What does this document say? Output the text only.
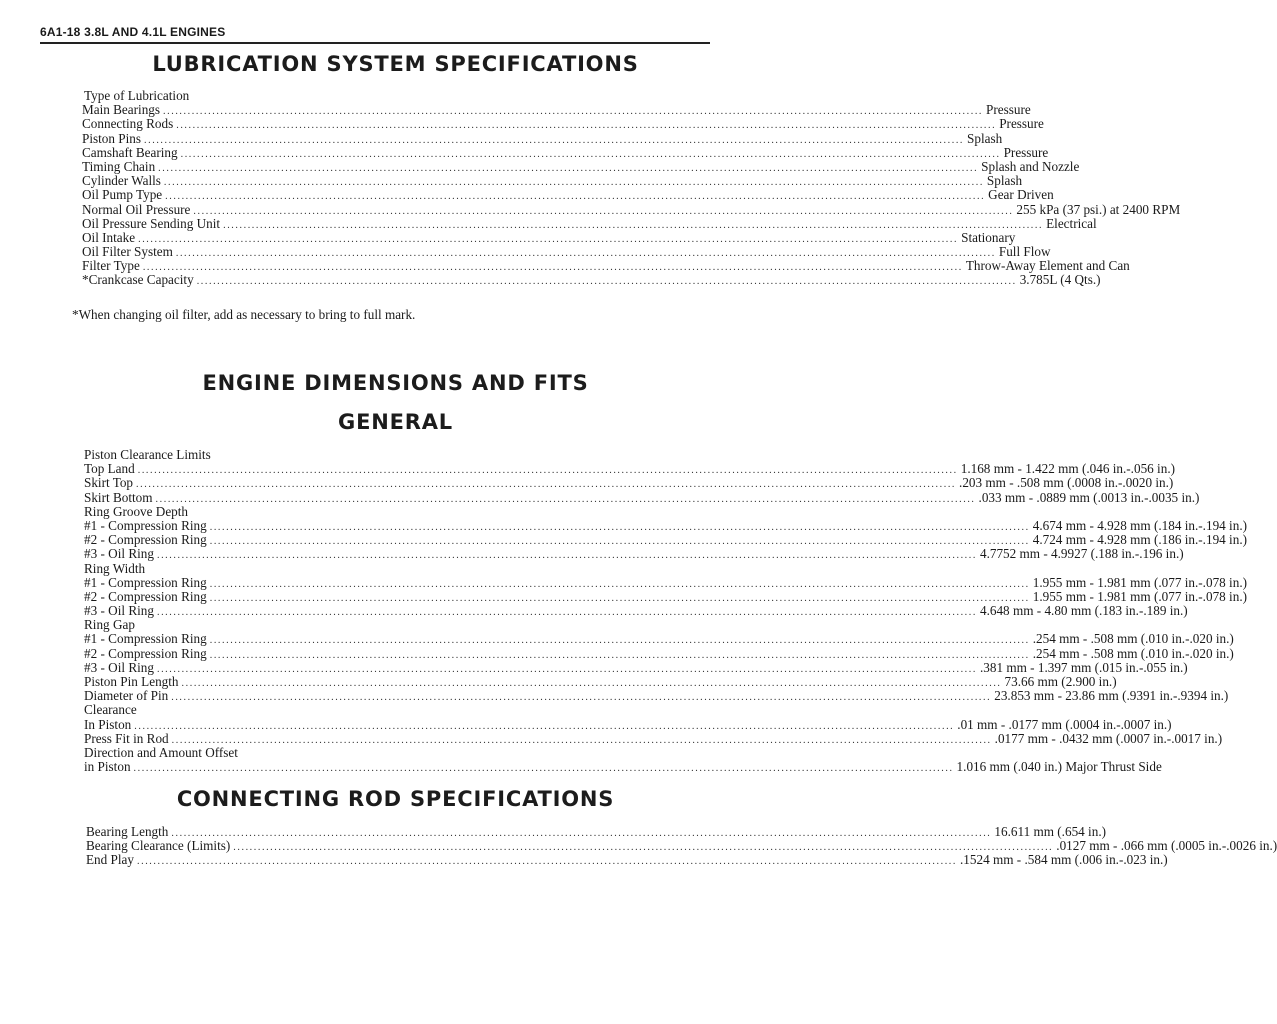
6A1-18 3.8L AND 4.1L ENGINES
LUBRICATION SYSTEM SPECIFICATIONS
Type of Lubrication
Main Bearings ........................................................................................................................................................................................................ Pressure
Connecting Rods ........................................................................................................................................................................................................ Pressure
Piston Pins ........................................................................................................................................................................................................ Splash
Camshaft Bearing ........................................................................................................................................................................................................ Pressure
Timing Chain ........................................................................................................................................................................................................ Splash and Nozzle
Cylinder Walls ........................................................................................................................................................................................................ Splash
Oil Pump Type ........................................................................................................................................................................................................ Gear Driven
Normal Oil Pressure ........................................................................................................................................................................................................ 255 kPa (37 psi.) at 2400 RPM
Oil Pressure Sending Unit ........................................................................................................................................................................................................ Electrical
Oil Intake ........................................................................................................................................................................................................ Stationary
Oil Filter System ........................................................................................................................................................................................................ Full Flow
Filter Type ........................................................................................................................................................................................................ Throw-Away Element and Can
*Crankcase Capacity ........................................................................................................................................................................................................ 3.785L (4 Qts.)
*When changing oil filter, add as necessary to bring to full mark.
ENGINE DIMENSIONS AND FITS
GENERAL
Piston Clearance Limits
Top Land ........................................................................................................................................................................................................ 1.168 mm - 1.422 mm (.046 in.-.056 in.)
Skirt Top ........................................................................................................................................................................................................ .203 mm - .508 mm (.0008 in.-.0020 in.)
Skirt Bottom ........................................................................................................................................................................................................ .033 mm - .0889 mm (.0013 in.-.0035 in.)
Ring Groove Depth
#1 - Compression Ring ........................................................................................................................................................................................................ 4.674 mm - 4.928 mm (.184 in.-.194 in.)
#2 - Compression Ring ........................................................................................................................................................................................................ 4.724 mm - 4.928 mm (.186 in.-.194 in.)
#3 - Oil Ring ........................................................................................................................................................................................................ 4.7752 mm - 4.9927 (.188 in.-.196 in.)
Ring Width
#1 - Compression Ring ........................................................................................................................................................................................................ 1.955 mm - 1.981 mm (.077 in.-.078 in.)
#2 - Compression Ring ........................................................................................................................................................................................................ 1.955 mm - 1.981 mm (.077 in.-.078 in.)
#3 - Oil Ring ........................................................................................................................................................................................................ 4.648 mm - 4.80 mm (.183 in.-.189 in.)
Ring Gap
#1 - Compression Ring ........................................................................................................................................................................................................ .254 mm - .508 mm (.010 in.-.020 in.)
#2 - Compression Ring ........................................................................................................................................................................................................ .254 mm - .508 mm (.010 in.-.020 in.)
#3 - Oil Ring ........................................................................................................................................................................................................ .381 mm - 1.397 mm (.015 in.-.055 in.)
Piston Pin Length ........................................................................................................................................................................................................ 73.66 mm (2.900 in.)
Diameter of Pin ........................................................................................................................................................................................................ 23.853 mm - 23.86 mm (.9391 in.-.9394 in.)
Clearance
In Piston ........................................................................................................................................................................................................ .01 mm - .0177 mm (.0004 in.-.0007 in.)
Press Fit in Rod ........................................................................................................................................................................................................ .0177 mm - .0432 mm (.0007 in.-.0017 in.)
Direction and Amount Offset
in Piston ........................................................................................................................................................................................................ 1.016 mm (.040 in.) Major Thrust Side
CONNECTING ROD SPECIFICATIONS
Bearing Length ........................................................................................................................................................................................................ 16.611 mm (.654 in.)
Bearing Clearance (Limits) ........................................................................................................................................................................................................ .0127 mm - .066 mm (.0005 in.-.0026 in.)
End Play ........................................................................................................................................................................................................ .1524 mm - .584 mm (.006 in.-.023 in.)
